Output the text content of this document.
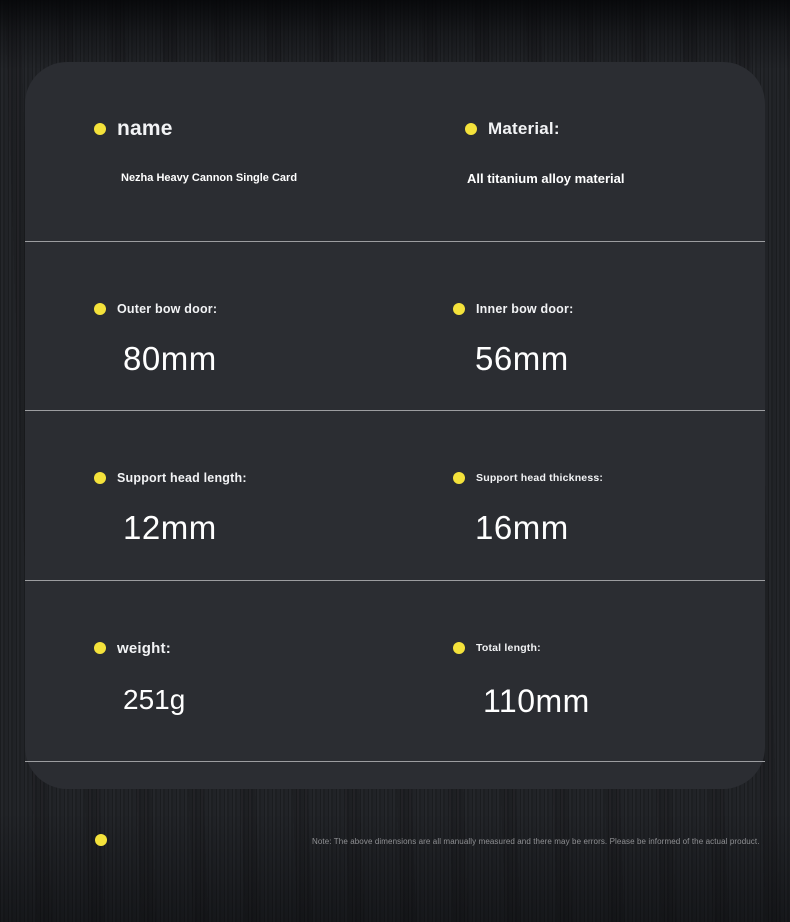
name
Nezha Heavy Cannon Single Card
Material:
All titanium alloy material
Outer bow door:
80mm
Inner bow door:
56mm
Support head length:
12mm
Support head thickness:
16mm
weight:
251g
Total length:
110mm
Note: The above dimensions are all manually measured and there may be errors. Please be informed of the actual product.
